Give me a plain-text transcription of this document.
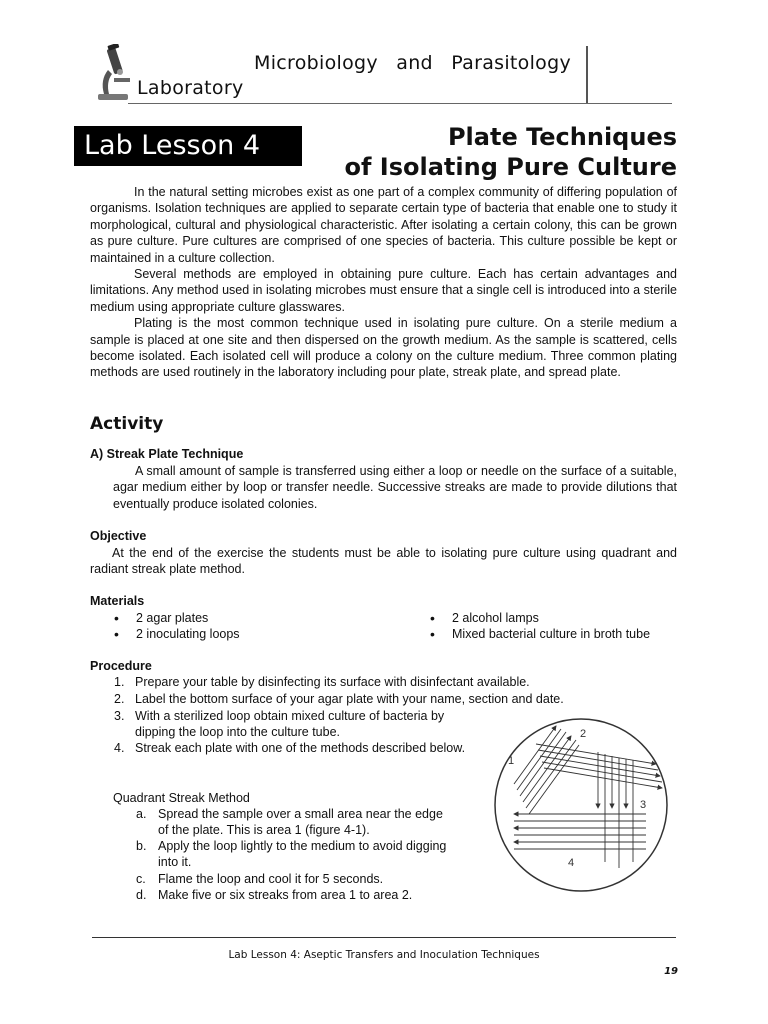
Microbiology and Parasitology
Laboratory
Lab Lesson 4	Plate Techniques
of Isolating Pure Culture

In the natural setting microbes exist as one part of a complex community of differing population of organisms. Isolation techniques are applied to separate certain type of bacteria that enable one to study it morphological, cultural and physiological characteristic. After isolating a certain colony, this can be grown as pure culture. Pure cultures are comprised of one species of bacteria. This culture possible be kept or maintained in a culture collection.

Several methods are employed in obtaining pure culture. Each has certain advantages and limitations. Any method used in isolating microbes must ensure that a single cell is introduced into a sterile medium using appropriate culture glasswares.

Plating is the most common technique used in isolating pure culture. On a sterile medium a sample is placed at one site and then dispersed on the growth medium. As the sample is scattered, cells become isolated. Each isolated cell will produce a colony on the culture medium. Three common plating methods are used routinely in the laboratory including pour plate, streak plate, and spread plate.

Activity
A) Streak Plate Technique

A small amount of sample is transferred using either a loop or needle on the surface of a suitable, agar medium either by loop or transfer needle. Successive streaks are made to provide dilutions that eventually produce isolated colonies.

Objective

At the end of the exercise the students must be able to isolating pure culture using quadrant and radiant streak plate method.

Materials
• 2 agar plates
• 2 inoculating loops
• 2 alcohol lamps
• Mixed bacterial culture in broth tube
Procedure
1. Prepare your table by disinfecting its surface with disinfectant available.
2. Label the bottom surface of your agar plate with your name, section and date.
3. With a sterilized loop obtain mixed culture of bacteria by dipping the loop into the culture tube.
4. Streak each plate with one of the methods described below.
Quadrant Streak Method
a. Spread the sample over a small area near the edge of the plate. This is area 1 (figure 4-1).
b. Apply the loop lightly to the medium to avoid digging into it.
c. Flame the loop and cool it for 5 seconds.
d. Make five or six streaks from area 1 to area 2.
1
2
3
4
Lab Lesson 4: Aseptic Transfers and Inoculation Techniques
19
